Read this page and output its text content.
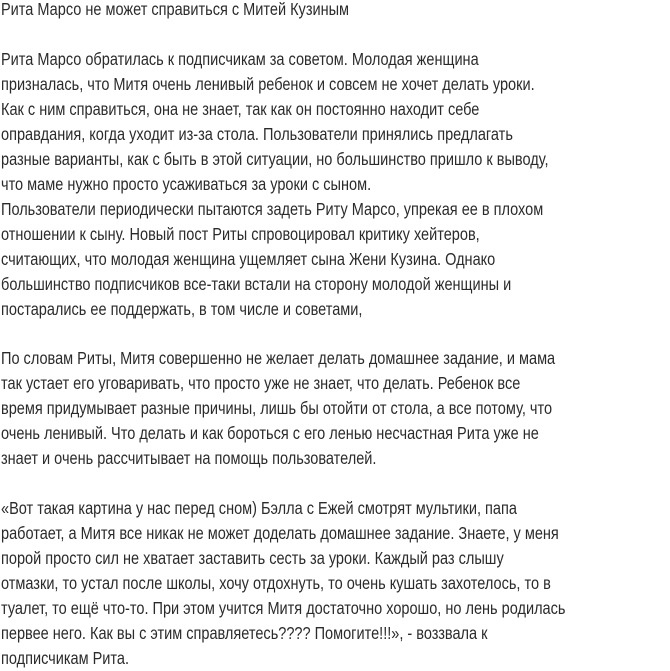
Рита Марсо не может справиться с Митей Кузиным
Рита Марсо обратилась к подписчикам за советом. Молодая женщина
призналась, что Митя очень ленивый ребенок и совсем не хочет делать уроки.
Как с ним справиться, она не знает, так как он постоянно находит себе
оправдания, когда уходит из-за стола. Пользователи принялись предлагать
разные варианты, как с быть в этой ситуации, но большинство пришло к выводу,
что маме нужно просто усаживаться за уроки с сыном.
Пользователи периодически пытаются задеть Риту Марсо, упрекая ее в плохом
отношении к сыну. Новый пост Риты спровоцировал критику хейтеров,
считающих, что молодая женщина ущемляет сына Жени Кузина. Однако
большинство подписчиков все-таки встали на сторону молодой женщины и
постарались ее поддержать, в том числе и советами,
По словам Риты, Митя совершенно не желает делать домашнее задание, и мама
так устает его уговаривать, что просто уже не знает, что делать. Ребенок все
время придумывает разные причины, лишь бы отойти от стола, а все потому, что
очень ленивый. Что делать и как бороться с его ленью несчастная Рита уже не
знает и очень рассчитывает на помощь пользователей.
«Вот такая картина у нас перед сном) Бэлла с Ежей смотрят мультики, папа
работает, а Митя все никак не может доделать домашнее задание. Знаете, у меня
порой просто сил не хватает заставить сесть за уроки. Каждый раз слышу
отмазки, то устал после школы, хочу отдохнуть, то очень кушать захотелось, то в
туалет, то ещё что-то. При этом учится Митя достаточно хорошо, но лень родилась
первее него. Как вы с этим справляетесь???? Помогите!!!», - воззвала к
подписчикам Рита.
